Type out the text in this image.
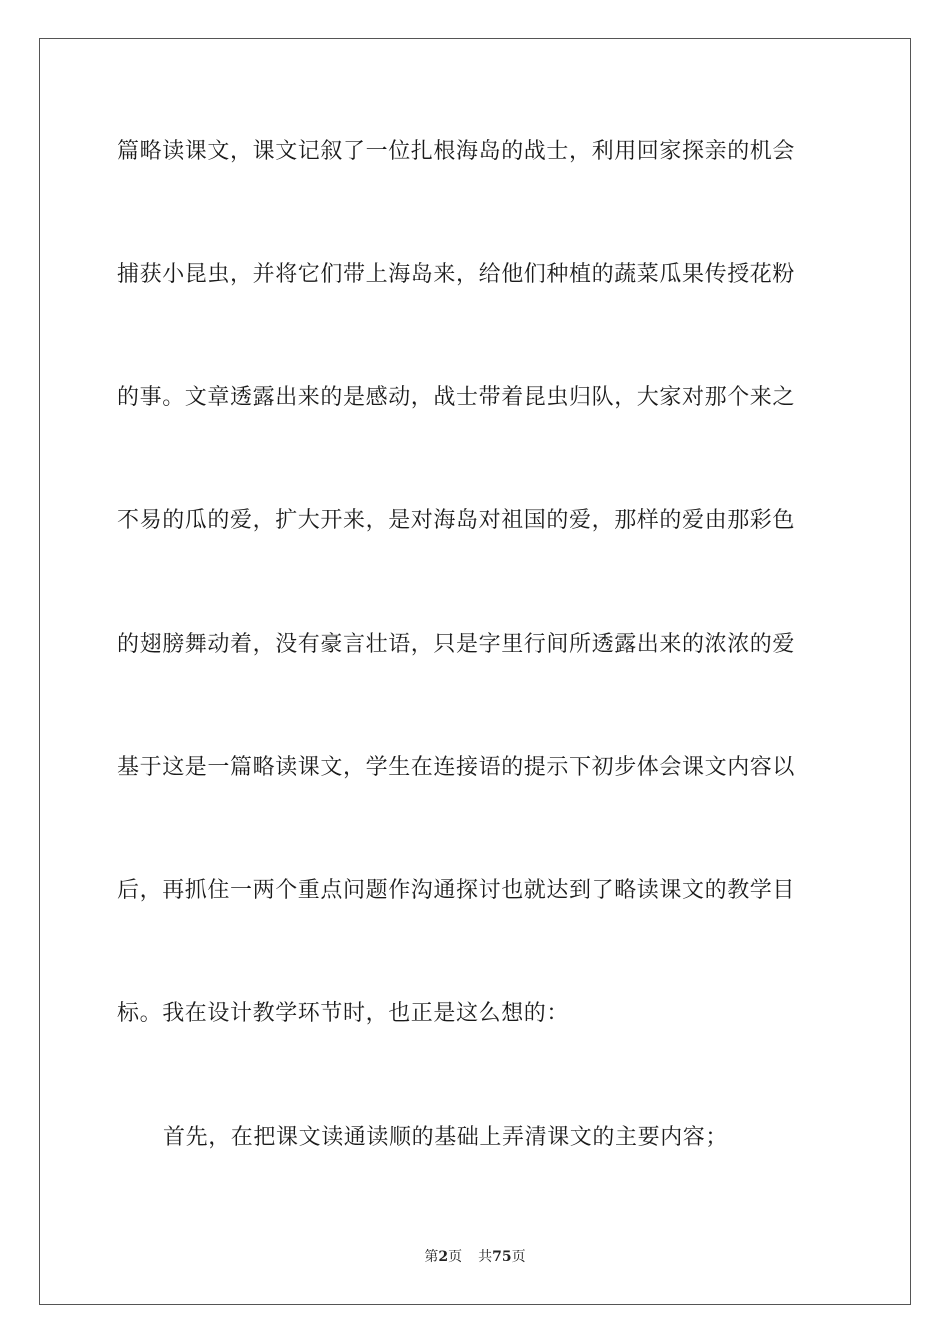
篇略读课文，课文记叙了一位扎根海岛的战士，利用回家探亲的机会
捕获小昆虫，并将它们带上海岛来，给他们种植的蔬菜瓜果传授花粉
的事。文章透露出来的是感动，战士带着昆虫归队，大家对那个来之
不易的瓜的爱，扩大开来，是对海岛对祖国的爱，那样的爱由那彩色
的翅膀舞动着，没有豪言壮语，只是字里行间所透露出来的浓浓的爱
基于这是一篇略读课文，学生在连接语的提示下初步体会课文内容以
后，再抓住一两个重点问题作沟通探讨也就达到了略读课文的教学目
标。我在设计教学环节时，也正是这么想的：
首先，在把课文读通读顺的基础上弄清课文的主要内容；
第2页 共75页
